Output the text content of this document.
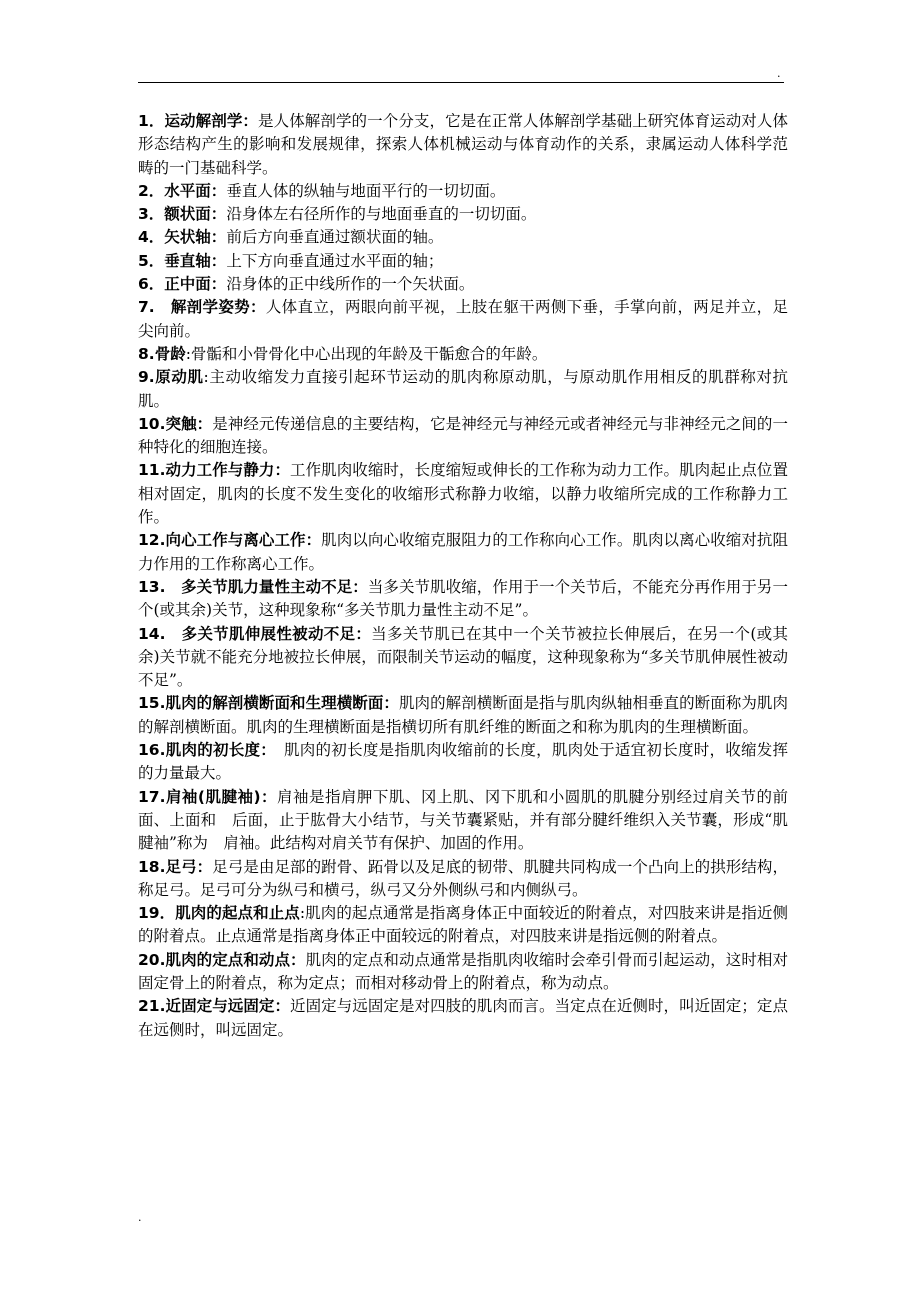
.

1．运动解剖学：是人体解剖学的一个分支，它是在正常人体解剖学基础上研究体育运动对人体形态结构产生的影响和发展规律，探索人体机械运动与体育动作的关系，隶属运动人体科学范畴的一门基础科学。

2．水平面：垂直人体的纵轴与地面平行的一切切面。

3．额状面：沿身体左右径所作的与地面垂直的一切切面。

4．矢状轴：前后方向垂直通过额状面的轴。

5．垂直轴：上下方向垂直通过水平面的轴；

6．正中面：沿身体的正中线所作的一个矢状面。

7.　解剖学姿势：人体直立，两眼向前平视，上肢在躯干两侧下垂，手掌向前，两足并立，足尖向前。

8.骨龄:骨骺和小骨骨化中心出现的年龄及干骺愈合的年龄。

9.原动肌:主动收缩发力直接引起环节运动的肌肉称原动肌，与原动肌作用相反的肌群称对抗肌。

10.突触：是神经元传递信息的主要结构，它是神经元与神经元或者神经元与非神经元之间的一种特化的细胞连接。

11.动力工作与静力：工作肌肉收缩时，长度缩短或伸长的工作称为动力工作。肌肉起止点位置相对固定，肌肉的长度不发生变化的收缩形式称静力收缩，以静力收缩所完成的工作称静力工作。

12.向心工作与离心工作：肌肉以向心收缩克服阻力的工作称向心工作。肌肉以离心收缩对抗阻力作用的工作称离心工作。

13.　多关节肌力量性主动不足：当多关节肌收缩，作用于一个关节后，不能充分再作用于另一个(或其余)关节，这种现象称“多关节肌力量性主动不足”。

14.　多关节肌伸展性被动不足：当多关节肌已在其中一个关节被拉长伸展后，在另一个(或其余)关节就不能充分地被拉长伸展，而限制关节运动的幅度，这种现象称为“多关节肌伸展性被动不足”。

15.肌肉的解剖横断面和生理横断面：肌肉的解剖横断面是指与肌肉纵轴相垂直的断面称为肌肉的解剖横断面。肌肉的生理横断面是指横切所有肌纤维的断面之和称为肌肉的生理横断面。

16.肌肉的初长度：　肌肉的初长度是指肌肉收缩前的长度，肌肉处于适宜初长度时，收缩发挥的力量最大。

17.肩袖(肌腱袖)：肩袖是指肩胛下肌、冈上肌、冈下肌和小圆肌的肌腱分别经过肩关节的前面、上面和　后面，止于肱骨大小结节，与关节囊紧贴，并有部分腱纤维织入关节囊，形成“肌腱袖”称为　肩袖。此结构对肩关节有保护、加固的作用。

18.足弓：足弓是由足部的跗骨、跖骨以及足底的韧带、肌腱共同构成一个凸向上的拱形结构，称足弓。足弓可分为纵弓和横弓，纵弓又分外侧纵弓和内侧纵弓。

19．肌肉的起点和止点:肌肉的起点通常是指离身体正中面较近的附着点，对四肢来讲是指近侧的附着点。止点通常是指离身体正中面较远的附着点，对四肢来讲是指远侧的附着点。

20.肌肉的定点和动点：肌肉的定点和动点通常是指肌肉收缩时会牵引骨而引起运动，这时相对固定骨上的附着点，称为定点；而相对移动骨上的附着点，称为动点。

21.近固定与远固定：近固定与远固定是对四肢的肌肉而言。当定点在近侧时，叫近固定；定点在远侧时，叫远固定。

.
